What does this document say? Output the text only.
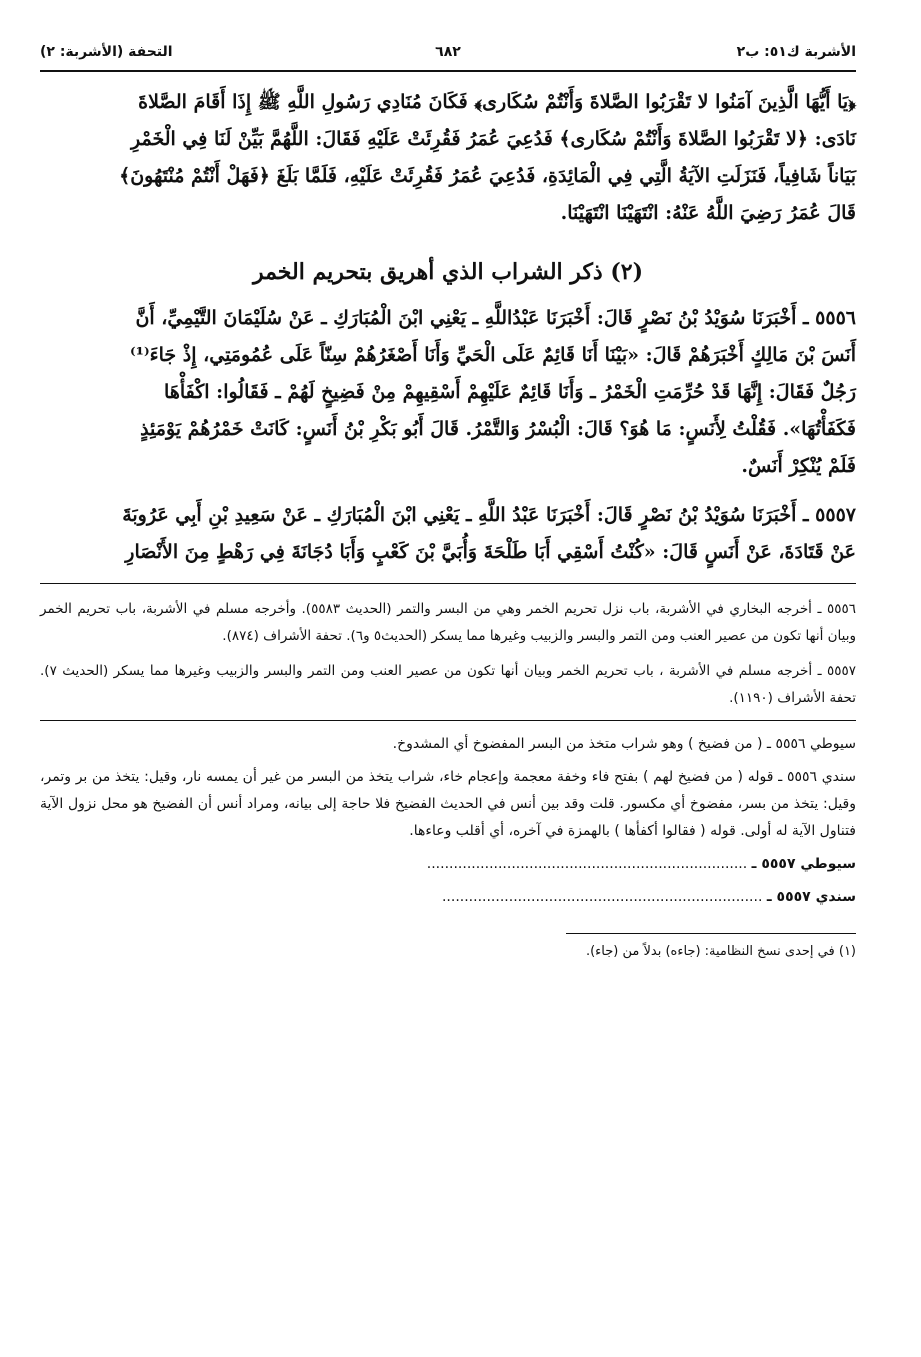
الأشربة ك٥١: ب٢
٦٨٢
التحفة (الأشربة: ٢)

﴿يَا أَيُّهَا الَّذِينَ آمَنُوا لا تَقْرَبُوا الصَّلاةَ وَأَنْتُمْ سُكَارى﴾ فَكَانَ مُنَادِي رَسُولِ اللَّهِ ﷺ إِذَا أَقَامَ الصَّلاةَ

نَادَى: ﴿لا تَقْرَبُوا الصَّلاةَ وَأَنْتُمْ سُكَارى﴾ فَدُعِيَ عُمَرُ فَقُرِئَتْ عَلَيْهِ فَقَالَ: اللَّهُمَّ بَيِّنْ لَنَا فِي الْخَمْرِ

بَيَاناً شَافِياً، فَنَزَلَتِ الآيَةُ الَّتِي فِي الْمَائِدَةِ، فَدُعِيَ عُمَرُ فَقُرِئَتْ عَلَيْهِ، فَلَمَّا بَلَغَ ﴿فَهَلْ أَنْتُمْ مُنْتَهُونَ﴾

قَالَ عُمَرُ رَضِيَ اللَّهُ عَنْهُ: انْتَهَيْنَا انْتَهَيْنَا.

(٢) ذكر الشراب الذي أهريق بتحريم الخمر

٥٥٥٦ ـ أَخْبَرَنَا سُوَيْدُ بْنُ نَصْرٍ قَالَ: أَخْبَرَنَا عَبْدُاللَّهِ ـ يَعْنِي ابْنَ الْمُبَارَكِ ـ عَنْ سُلَيْمَانَ التَّيْمِيِّ، أَنَّ

أَنَسَ بْنَ مَالِكٍ أَخْبَرَهُمْ قَالَ: «بَيْنَا أَنَا قَائِمٌ عَلَى الْحَيِّ وَأَنَا أَصْغَرُهُمْ سِنّاً عَلَى عُمُومَتِي، إِذْ جَاءَ⁽¹⁾

رَجُلٌ فَقَالَ: إِنَّهَا قَدْ حُرِّمَتِ الْخَمْرُ ـ وَأَنَا قَائِمٌ عَلَيْهِمْ أَسْقِيهِمْ مِنْ فَضِيخٍ لَهُمْ ـ فَقَالُوا: اكْفَأْهَا

فَكَفَأْتُهَا». فَقُلْتُ لِأَنَسٍ: مَا هُوَ؟ قَالَ: الْبُسْرُ وَالتَّمْرُ. قَالَ أَبُو بَكْرِ بْنُ أَنَسٍ: كَانَتْ خَمْرُهُمْ يَوْمَئِذٍ

فَلَمْ يُنْكِرْ أَنَسٌ.

٥٥٥٧ ـ أَخْبَرَنَا سُوَيْدُ بْنُ نَصْرٍ قَالَ: أَخْبَرَنَا عَبْدُ اللَّهِ ـ يَعْنِي ابْنَ الْمُبَارَكِ ـ عَنْ سَعِيدِ بْنِ أَبِي عَرُوبَةَ

عَنْ قَتَادَةَ، عَنْ أَنَسٍ قَالَ: «كُنْتُ أَسْقِي أَبَا طَلْحَةَ وَأُبَيَّ بْنَ كَعْبٍ وَأَبَا دُجَانَةَ فِي رَهْطٍ مِنَ الأَنْصَارِ

٥٥٥٦ ـ أخرجه البخاري في الأشربة، باب نزل تحريم الخمر وهي من البسر والتمر (الحديث ٥٥٨٣). وأخرجه مسلم في الأشربة، باب تحريم الخمر وبيان أنها تكون من عصير العنب ومن التمر والبسر والزبيب وغيرها مما يسكر (الحديث٥ و٦). تحفة الأشراف (٨٧٤).

٥٥٥٧ ـ أخرجه مسلم في الأشربة ، باب تحريم الخمر وبيان أنها تكون من عصير العنب ومن التمر والبسر والزبيب وغيرها مما يسكر (الحديث ٧). تحفة الأشراف (١١٩٠).

سيوطي ٥٥٥٦ ـ ( من فضيخ ) وهو شراب متخذ من البسر المفضوخ أي المشدوخ.

سندي ٥٥٥٦ ـ قوله ( من فضيخ لهم ) بفتح فاء وخفة معجمة وإعجام خاء، شراب يتخذ من البسر من غير أن يمسه نار، وقيل: يتخذ من بر وتمر، وقيل: يتخذ من بسر، مفضوخ أي مكسور. قلت وقد بين أنس في الحديث الفضيخ فلا حاجة إلى بيانه، ومراد أنس أن الفضيخ هو محل نزول الآية فتناول الآية له أولى. قوله ( فقالوا أكفأها ) بالهمزة في آخره، أي أقلب وعاءها.

سيوطي ٥٥٥٧ ـ ........................................................................

سندي ٥٥٥٧ ـ ........................................................................

(١) في إحدى نسخ النظامية: (جاءه) بدلاً من (جاء).
